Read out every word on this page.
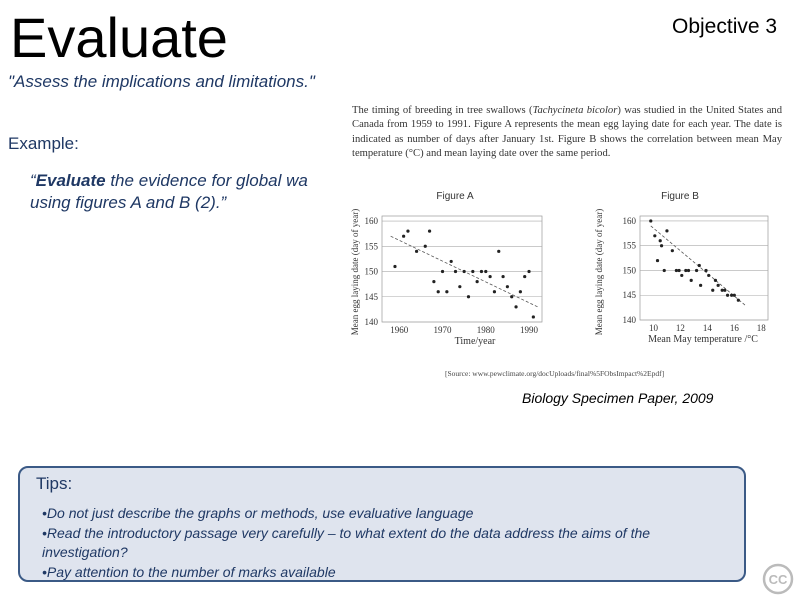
Evaluate	Objective 3
"Assess the implications and limitations."
Example:
“Evaluate the evidence for global wa
using figures A and B (2).”
The timing of breeding in tree swallows (Tachycineta bicolor) was studied in the United States and Canada from 1959 to 1991. Figure A represents the mean egg laying date for each year. The date is indicated as number of days after January 1st. Figure B shows the correlation between mean May temperature (°C) and mean laying date over the same period.
Figure A
Mean egg laying date (day of year)
Time/year
160
155
150
145
140
1960	1970	1980	1990
Figure B
Mean egg laying date (day of year)
Mean May temperature /°C
160
155
150
145
140
10 12 14 16 18
[Source: www.pewclimate.org/docUploads/final%5FObsImpact%2Epdf]
Biology Specimen Paper, 2009
Tips:
•Do not just describe the graphs or methods, use evaluative language
•Read the introductory passage very carefully – to what extent do the data address the aims of the investigation?
•Pay attention to the number of marks available	CC
